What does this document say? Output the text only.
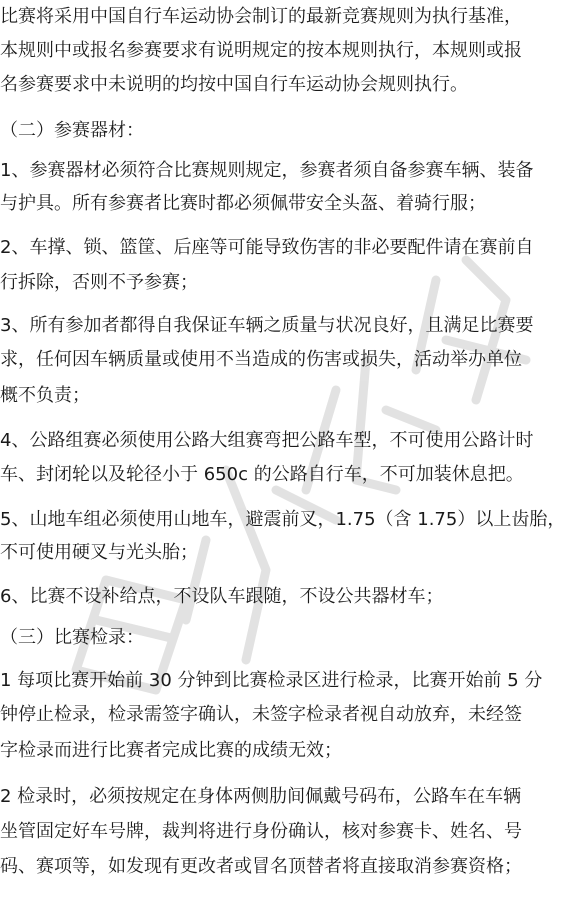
比赛将采用中国自行车运动协会制订的最新竞赛规则为执行基准，
本规则中或报名参赛要求有说明规定的按本规则执行，本规则或报
名参赛要求中未说明的均按中国自行车运动协会规则执行。
（二）参赛器材：
1、参赛器材必须符合比赛规则规定，参赛者须自备参赛车辆、装备
与护具。所有参赛者比赛时都必须佩带安全头盔、着骑行服；
2、车撑、锁、篮筐、后座等可能导致伤害的非必要配件请在赛前自
行拆除，否则不予参赛；
3、所有参加者都得自我保证车辆之质量与状况良好，且满足比赛要
求，任何因车辆质量或使用不当造成的伤害或损失，活动举办单位
概不负责；
4、公路组赛必须使用公路大组赛弯把公路车型，不可使用公路计时
车、封闭轮以及轮径小于 650c 的公路自行车，不可加装休息把。
5、山地车组必须使用山地车，避震前叉，1.75（含 1.75）以上齿胎，
不可使用硬叉与光头胎；
6、比赛不设补给点，不设队车跟随，不设公共器材车；
（三）比赛检录：
1 每项比赛开始前 30 分钟到比赛检录区进行检录，比赛开始前 5 分
钟停止检录，检录需签字确认，未签字检录者视自动放弃，未经签
字检录而进行比赛者完成比赛的成绩无效；
2 检录时，必须按规定在身体两侧肋间佩戴号码布，公路车在车辆
坐管固定好车号牌，裁判将进行身份确认，核对参赛卡、姓名、号
码、赛项等，如发现有更改者或冒名顶替者将直接取消参赛资格；
